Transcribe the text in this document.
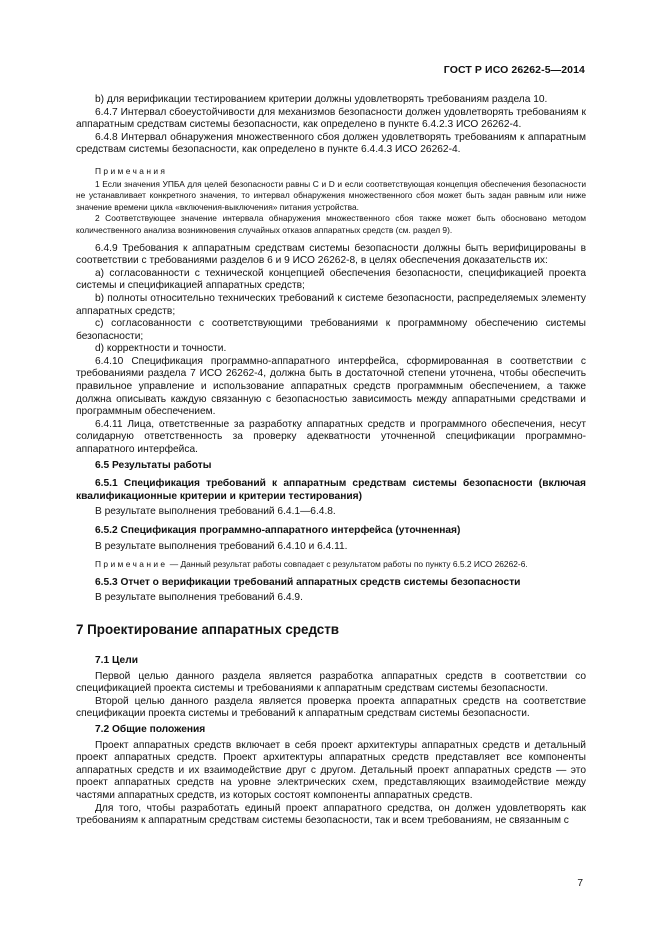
ГОСТ Р ИСО 26262-5—2014

b) для верификации тестированием критерии должны удовлетворять требованиям раздела 10.

6.4.7 Интервал сбоеустойчивости для механизмов безопасности должен удовлетворять требованиям к аппаратным средствам системы безопасности, как определено в пункте 6.4.2.3 ИСО 26262-4.

6.4.8 Интервал обнаружения множественного сбоя должен удовлетворять требованиям к аппаратным средствам системы безопасности, как определено в пункте 6.4.4.3 ИСО 26262-4.

Примечания

1 Если значения УПБА для целей безопасности равны C и D и если соответствующая концепция обеспечения безопасности не устанавливает конкретного значения, то интервал обнаружения множественного сбоя может быть задан равным или ниже значение времени цикла «включения-выключения» питания устройства.

2 Соответствующее значение интервала обнаружения множественного сбоя также может быть обосновано методом количественного анализа возникновения случайных отказов аппаратных средств (см. раздел 9).

6.4.9 Требования к аппаратным средствам системы безопасности должны быть верифицированы в соответствии с требованиями разделов 6 и 9 ИСО 26262-8, в целях обеспечения доказательств их:

a) согласованности с технической концепцией обеспечения безопасности, спецификацией проекта системы и спецификацией аппаратных средств;

b) полноты относительно технических требований к системе безопасности, распределяемых элементу аппаратных средств;

c) согласованности с соответствующими требованиями к программному обеспечению системы безопасности;

d) корректности и точности.

6.4.10 Спецификация программно-аппаратного интерфейса, сформированная в соответствии с требованиями раздела 7 ИСО 26262-4, должна быть в достаточной степени уточнена, чтобы обеспечить правильное управление и использование аппаратных средств программным обеспечением, а также должна описывать каждую связанную с безопасностью зависимость между аппаратными средствами и программным обеспечением.

6.4.11 Лица, ответственные за разработку аппаратных средств и программного обеспечения, несут солидарную ответственность за проверку адекватности уточненной спецификации программно-аппаратного интерфейса.

6.5 Результаты работы

6.5.1 Спецификация требований к аппаратным средствам системы безопасности (включая квалификационные критерии и критерии тестирования)

В результате выполнения требований 6.4.1—6.4.8.

6.5.2 Спецификация программно-аппаратного интерфейса (уточненная)

В результате выполнения требований 6.4.10 и 6.4.11.

Примечание — Данный результат работы совпадает с результатом работы по пункту 6.5.2 ИСО 26262-6.

6.5.3 Отчет о верификации требований аппаратных средств системы безопасности

В результате выполнения требований 6.4.9.

7 Проектирование аппаратных средств

7.1 Цели

Первой целью данного раздела является разработка аппаратных средств в соответствии со спецификацией проекта системы и требованиями к аппаратным средствам системы безопасности.

Второй целью данного раздела является проверка проекта аппаратных средств на соответствие спецификации проекта системы и требований к аппаратным средствам системы безопасности.

7.2 Общие положения

Проект аппаратных средств включает в себя проект архитектуры аппаратных средств и детальный проект аппаратных средств. Проект архитектуры аппаратных средств представляет все компоненты аппаратных средств и их взаимодействие друг с другом. Детальный проект аппаратных средств — это проект аппаратных средств на уровне электрических схем, представляющих взаимодействие между частями аппаратных средств, из которых состоят компоненты аппаратных средств.

Для того, чтобы разработать единый проект аппаратного средства, он должен удовлетворять как требованиям к аппаратным средствам системы безопасности, так и всем требованиям, не связанным с

7
